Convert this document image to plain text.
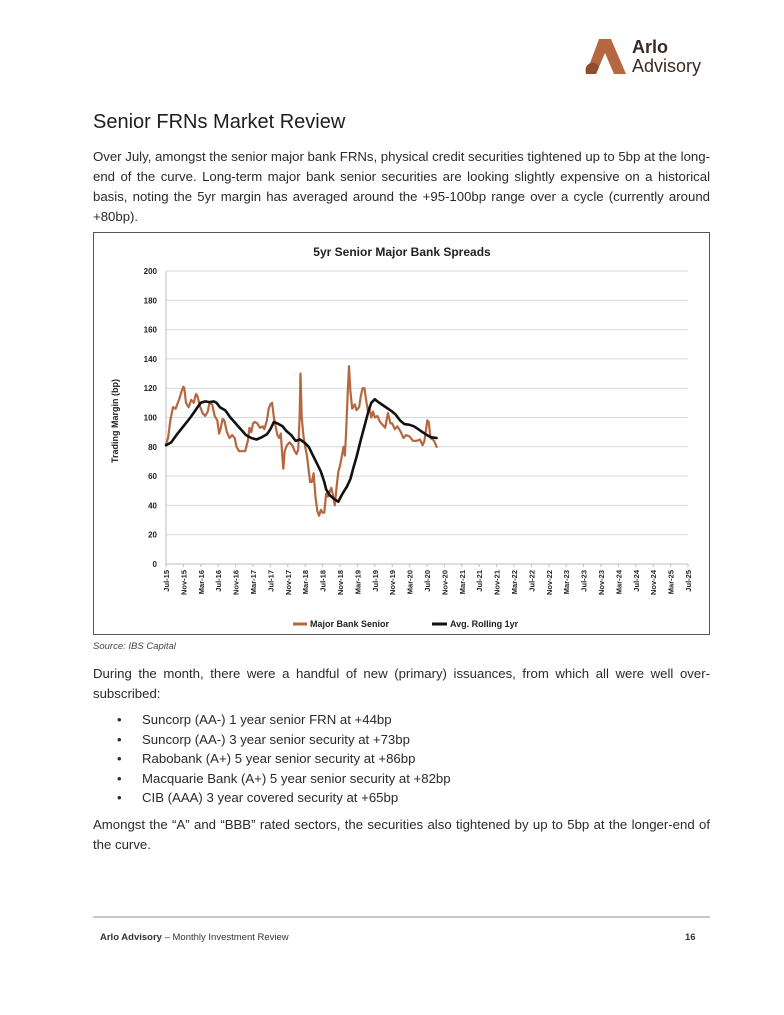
Arlo
Advisory
Senior FRNs Market Review

Over July, amongst the senior major bank FRNs, physical credit securities tightened up to 5bp at the long-end of the curve. Long-term major bank senior securities are looking slightly expensive on a historical basis, noting the 5yr margin has averaged around the +95-100bp range over a cycle (currently around +80bp).

0
20
40
60
80
100
120
140
160
180
200
Jul-15 Nov-15 Mar-16 Jul-16 Nov-16 Mar-17 Jul-17 Nov-17 Mar-18 Jul-18 Nov-18 Mar-19 Jul-19 Nov-19 Mar-20 Jul-20 Nov-20 Mar-21 Jul-21 Nov-21 Mar-22 Jul-22 Nov-22 Mar-23 Jul-23 Nov-23 Mar-24 Jul-24 Nov-24 Mar-25 Jul-25
5yr Senior Major Bank Spreads
Trading Margin (bp)
Major Bank Senior	Avg. Rolling 1yr
Source: IBS Capital

During the month, there were a handful of new (primary) issuances, from which all were well over-subscribed:

• Suncorp (AA-) 1 year senior FRN at +44bp
• Suncorp (AA-) 3 year senior security at +73bp
• Rabobank (A+) 5 year senior security at +86bp
• Macquarie Bank (A+) 5 year senior security at +82bp
• CIB (AAA) 3 year covered security at +65bp

Amongst the “A” and “BBB” rated sectors, the securities also tightened by up to 5bp at the longer-end of the curve.

Arlo Advisory – Monthly Investment Review	16
